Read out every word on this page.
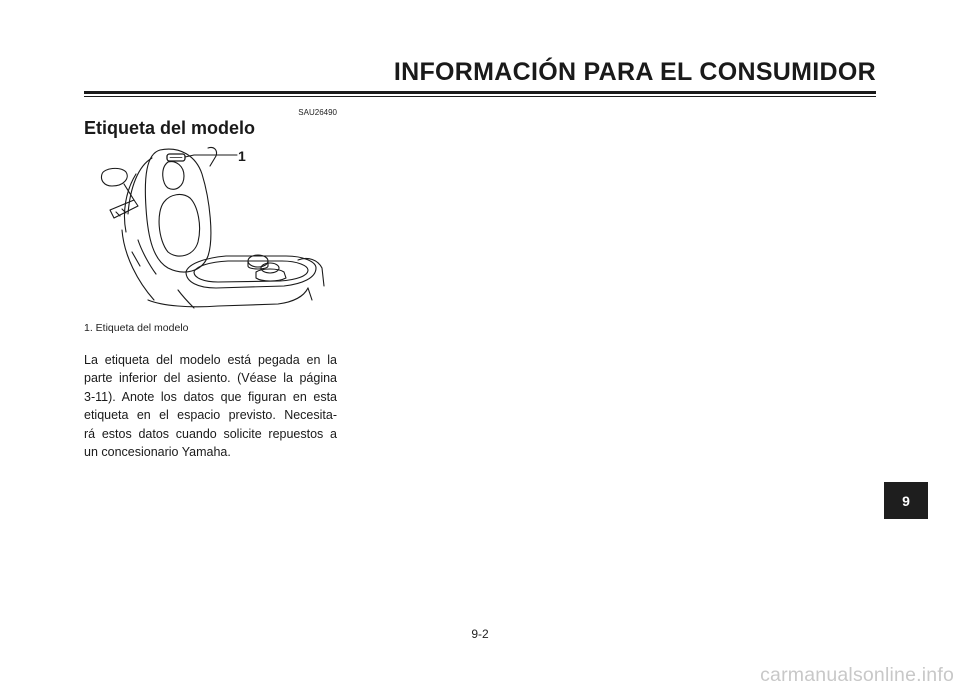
INFORMACIÓN PARA EL CONSUMIDOR
SAU26490
Etiqueta del modelo
1
1. Etiqueta del modelo

La etiqueta del modelo está pegada en la
parte inferior del asiento. (Véase la página
3-11). Anote los datos que figuran en esta
etiqueta en el espacio previsto. Necesita-
rá estos datos cuando solicite repuestos a
un concesionario Yamaha.

9
9-2
carmanualsonline.info
